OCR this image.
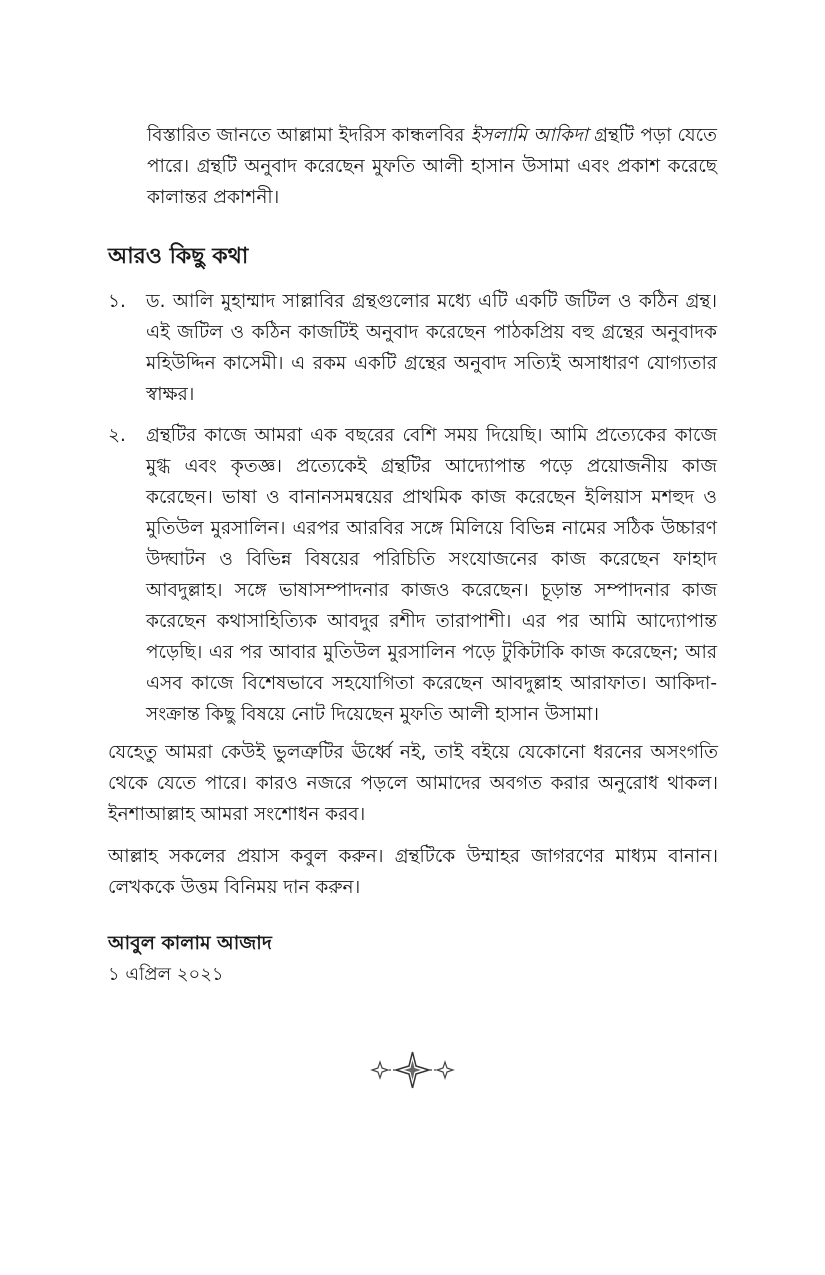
বিস্তারিত জানতে আল্লামা ইদরিস কান্ধলবির ইসলামি আকিদা গ্রন্থটি পড়া যেতে পারে। গ্রন্থটি অনুবাদ করেছেন মুফতি আলী হাসান উসামা এবং প্রকাশ করেছে কালান্তর প্রকাশনী।

আরও কিছু কথা
১. ড. আলি মুহাম্মাদ সাল্লাবির গ্রন্থগুলোর মধ্যে এটি একটি জটিল ও কঠিন গ্রন্থ। এই জটিল ও কঠিন কাজটিই অনুবাদ করেছেন পাঠকপ্রিয় বহু গ্রন্থের অনুবাদক মহিউদ্দিন কাসেমী। এ রকম একটি গ্রন্থের অনুবাদ সত্যিই অসাধারণ যোগ্যতার স্বাক্ষর।

২. গ্রন্থটির কাজে আমরা এক বছরের বেশি সময় দিয়েছি। আমি প্রত্যেকের কাজে মুগ্ধ এবং কৃতজ্ঞ। প্রত্যেকেই গ্রন্থটির আদ্যোপান্ত পড়ে প্রয়োজনীয় কাজ করেছেন। ভাষা ও বানানসমন্বয়ের প্রাথমিক কাজ করেছেন ইলিয়াস মশহুদ ও মুতিউল মুরসালিন। এরপর আরবির সঙ্গে মিলিয়ে বিভিন্ন নামের সঠিক উচ্চারণ উদ্ঘাটন ও বিভিন্ন বিষয়ের পরিচিতি সংযোজনের কাজ করেছেন ফাহাদ আবদুল্লাহ। সঙ্গে ভাষাসম্পাদনার কাজও করেছেন। চূড়ান্ত সম্পাদনার কাজ করেছেন কথাসাহিত্যিক আবদুর রশীদ তারাপাশী। এর পর আমি আদ্যোপান্ত পড়েছি। এর পর আবার মুতিউল মুরসালিন পড়ে টুকিটাকি কাজ করেছেন; আর এসব কাজে বিশেষভাবে সহযোগিতা করেছেন আবদুল্লাহ আরাফাত। আকিদা-সংক্রান্ত কিছু বিষয়ে নোট দিয়েছেন মুফতি আলী হাসান উসামা।

যেহেতু আমরা কেউই ভুলত্রুটির ঊর্ধ্বে নই, তাই বইয়ে যেকোনো ধরনের অসংগতি থেকে যেতে পারে। কারও নজরে পড়লে আমাদের অবগত করার অনুরোধ থাকল। ইনশাআল্লাহ আমরা সংশোধন করব।

আল্লাহ সকলের প্রয়াস কবুল করুন। গ্রন্থটিকে উম্মাহর জাগরণের মাধ্যম বানান। লেখককে উত্তম বিনিময় দান করুন।

আবুল কালাম আজাদ

১ এপ্রিল ২০২১
